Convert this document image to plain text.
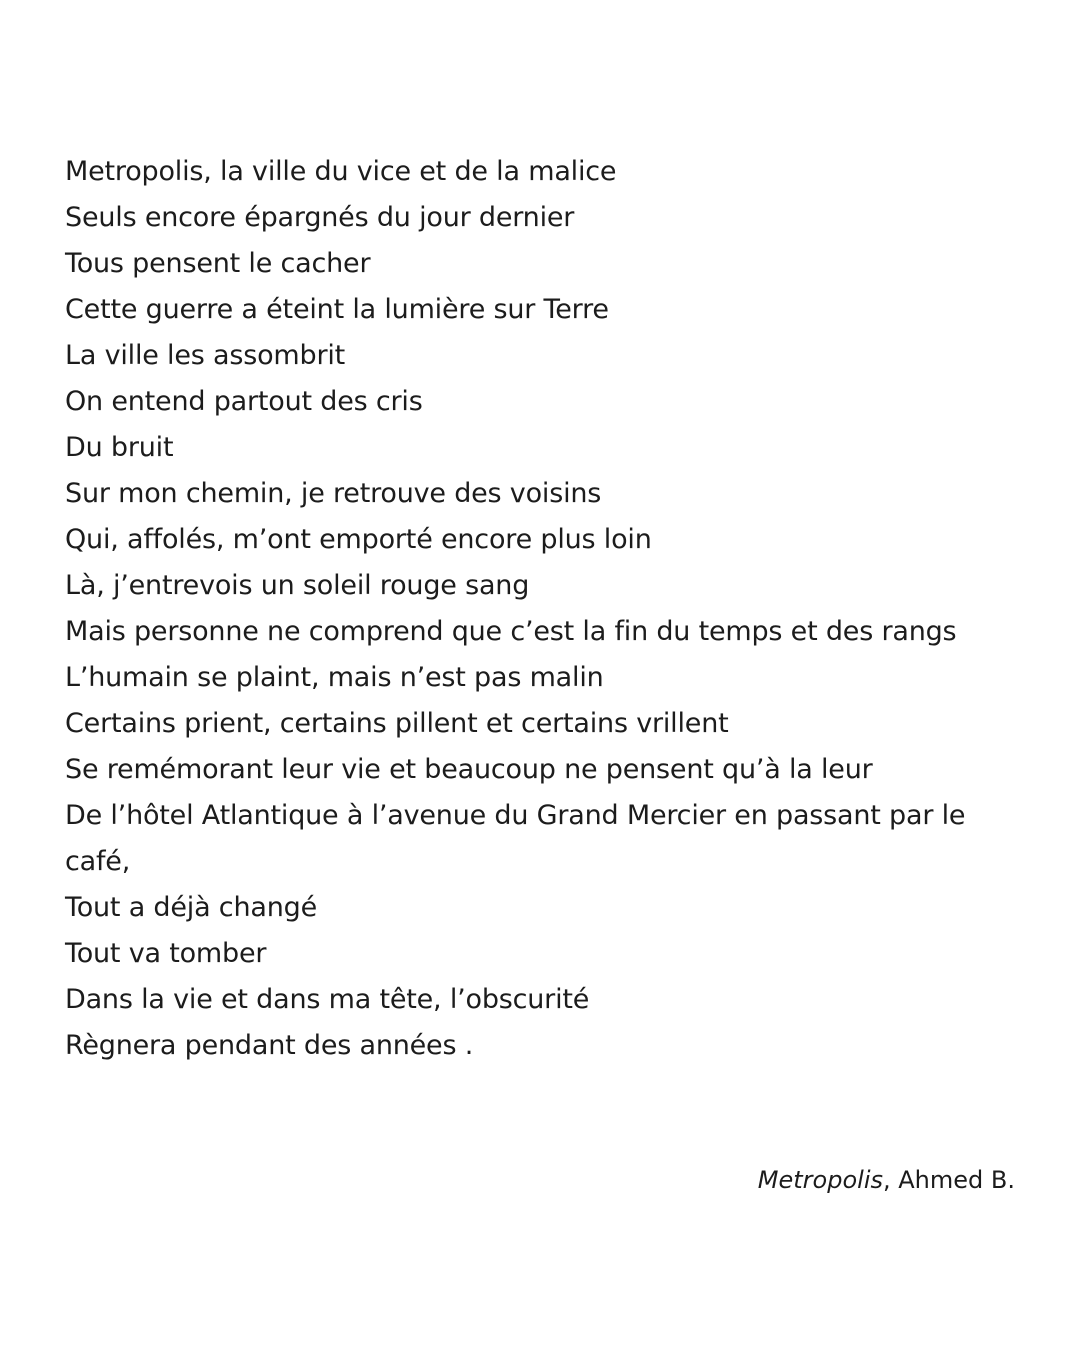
Metropolis, la ville du vice et de la malice
Seuls encore épargnés du jour dernier
Tous pensent le cacher
Cette guerre a éteint la lumière sur Terre
La ville les assombrit
On entend partout des cris
Du bruit
Sur mon chemin, je retrouve des voisins
Qui, affolés, m’ont emporté encore plus loin
Là, j’entrevois un soleil rouge sang
Mais personne ne comprend que c’est la fin du temps et des rangs
L’humain se plaint, mais n’est pas malin
Certains prient, certains pillent et certains vrillent
Se remémorant leur vie et beaucoup ne pensent qu’à la leur
De l’hôtel Atlantique à l’avenue du Grand Mercier en passant par le
café,
Tout a déjà changé
Tout va tomber
Dans la vie et dans ma tête, l’obscurité
Règnera pendant des années .
Metropolis, Ahmed B.
